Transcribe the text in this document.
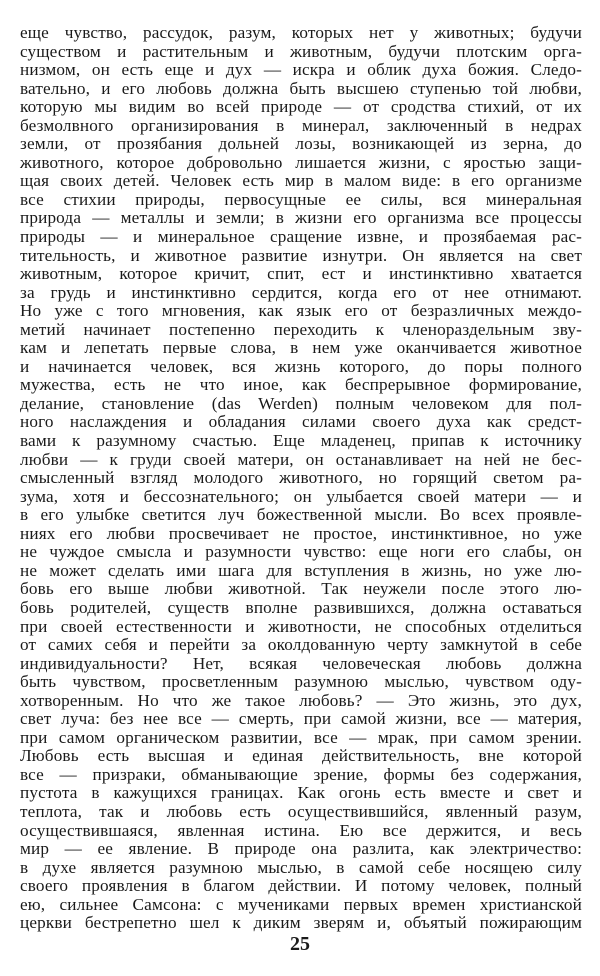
еще чувство, рассудок, разум, которых нет у животных; будучи
существом и растительным и животным, будучи плотским орга-
низмом, он есть еще и дух — искра и облик духа божия. Следо-
вательно, и его любовь должна быть высшею ступенью той любви,
которую мы видим во всей природе — от сродства стихий, от их
безмолвного организирования в минерал, заключенный в недрах
земли, от прозябания дольней лозы, возникающей из зерна, до
животного, которое добровольно лишается жизни, с яростью защи-
щая своих детей. Человек есть мир в малом виде: в его организме
все стихии природы, первосущные ее силы, вся минеральная
природа — металлы и земли; в жизни его организма все процессы
природы — и минеральное сращение извне, и прозябаемая рас-
тительность, и животное развитие изнутри. Он является на свет
животным, которое кричит, спит, ест и инстинктивно хватается
за грудь и инстинктивно сердится, когда его от нее отнимают.
Но уже с того мгновения, как язык его от безразличных междо-
метий начинает постепенно переходить к членораздельным зву-
кам и лепетать первые слова, в нем уже оканчивается животное
и начинается человек, вся жизнь которого, до поры полного
мужества, есть не что иное, как беспрерывное формирование,
делание, становление (das Werden) полным человеком для пол-
ного наслаждения и обладания силами своего духа как средст-
вами к разумному счастью. Еще младенец, припав к источнику
любви — к груди своей матери, он останавливает на ней не бес-
смысленный взгляд молодого животного, но горящий светом ра-
зума, хотя и бессознательного; он улыбается своей матери — и
в его улыбке светится луч божественной мысли. Во всех проявле-
ниях его любви просвечивает не простое, инстинктивное, но уже
не чуждое смысла и разумности чувство: еще ноги его слабы, он
не может сделать ими шага для вступления в жизнь, но уже лю-
бовь его выше любви животной. Так неужели после этого лю-
бовь родителей, существ вполне развившихся, должна оставаться
при своей естественности и животности, не способных отделиться
от самих себя и перейти за околдованную черту замкнутой в себе
индивидуальности? Нет, всякая человеческая любовь должна
быть чувством, просветленным разумною мыслью, чувством оду-
хотворенным. Но что же такое любовь? — Это жизнь, это дух,
свет луча: без нее все — смерть, при самой жизни, все — материя,
при самом органическом развитии, все — мрак, при самом зрении.
Любовь есть высшая и единая действительность, вне которой
все — призраки, обманывающие зрение, формы без содержания,
пустота в кажущихся границах. Как огонь есть вместе и свет и
теплота, так и любовь есть осуществившийся, явленный разум,
осуществившаяся, явленная истина. Ею все держится, и весь
мир — ее явление. В природе она разлита, как электричество:
в духе является разумною мыслью, в самой себе носящею силу
своего проявления в благом действии. И потому человек, полный
ею, сильнее Самсона: с мучениками первых времен христианской
церкви бестрепетно шел к диким зверям и, объятый пожирающим
25
